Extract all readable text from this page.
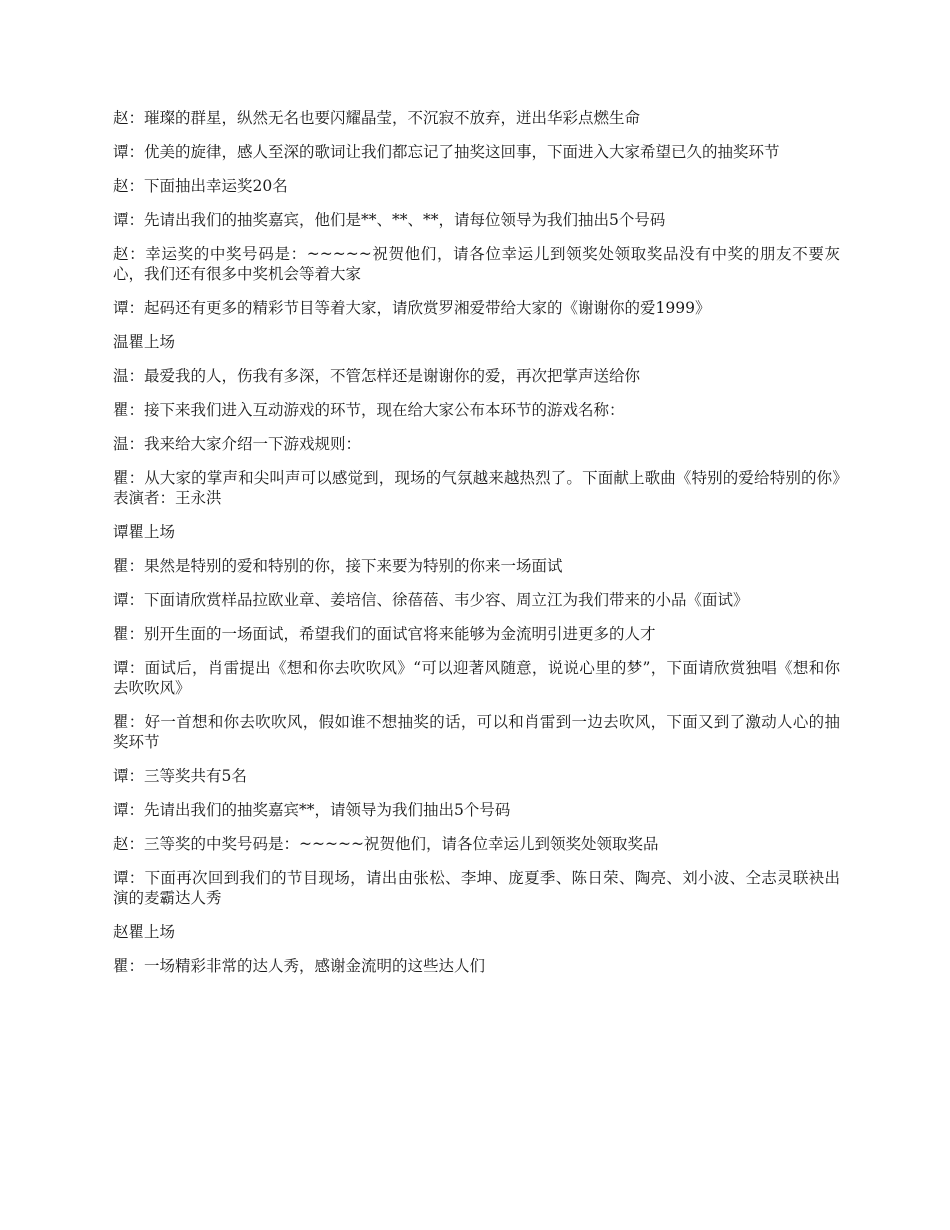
赵：璀璨的群星，纵然无名也要闪耀晶莹，不沉寂不放弃，迸出华彩点燃生命

谭：优美的旋律，感人至深的歌词让我们都忘记了抽奖这回事，下面进入大家希望已久的抽奖环节

赵：下面抽出幸运奖20名

谭：先请出我们的抽奖嘉宾，他们是**、**、**，请每位领导为我们抽出5个号码

赵：幸运奖的中奖号码是：~~~~~祝贺他们，请各位幸运儿到领奖处领取奖品没有中奖的朋友不要灰心，我们还有很多中奖机会等着大家

谭：起码还有更多的精彩节目等着大家，请欣赏罗湘爱带给大家的《谢谢你的爱1999》

温瞿上场

温：最爱我的人，伤我有多深，不管怎样还是谢谢你的爱，再次把掌声送给你

瞿：接下来我们进入互动游戏的环节，现在给大家公布本环节的游戏名称：

温：我来给大家介绍一下游戏规则：

瞿：从大家的掌声和尖叫声可以感觉到，现场的气氛越来越热烈了。下面献上歌曲《特别的爱给特别的你》表演者：王永洪

谭瞿上场

瞿：果然是特别的爱和特别的你，接下来要为特别的你来一场面试

谭：下面请欣赏样品拉欧业章、姜培信、徐蓓蓓、韦少容、周立江为我们带来的小品《面试》

瞿：别开生面的一场面试，希望我们的面试官将来能够为金流明引进更多的人才

谭：面试后，肖雷提出《想和你去吹吹风》“可以迎著风随意，说说心里的梦”，下面请欣赏独唱《想和你去吹吹风》

瞿：好一首想和你去吹吹风，假如谁不想抽奖的话，可以和肖雷到一边去吹风，下面又到了激动人心的抽奖环节

谭：三等奖共有5名

谭：先请出我们的抽奖嘉宾**，请领导为我们抽出5个号码

赵：三等奖的中奖号码是：~~~~~祝贺他们，请各位幸运儿到领奖处领取奖品

谭：下面再次回到我们的节目现场，请出由张松、李坤、庞夏季、陈日荣、陶亮、刘小波、仝志灵联袂出演的麦霸达人秀

赵瞿上场

瞿：一场精彩非常的达人秀，感谢金流明的这些达人们
